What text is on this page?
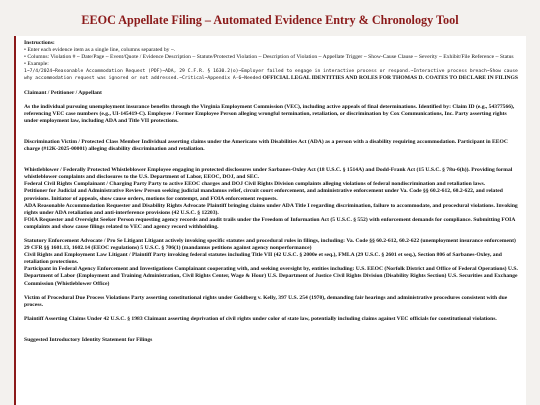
EEOC Appellate Filing – Automated Evidence Entry & Chronology Tool
Instructions:
• Enter each evidence item as a single line, columns separated by ~.
• Columns: Violation # ~ Date/Page ~ Event/Quote / Evidence Description ~ Statute/Protected Violation ~ Description of Violation ~ Appellate Trigger ~ Show-Cause Clause ~ Severity ~ Exhibit/File Reference ~ Status
• Example:
1~7/4/2024~Reasonable Accommodation Request (PDF)~ADA, 29 C.F.R. § 1630.2(o)~Employer failed to engage in interactive process or respond.~Interactive process breach~Show cause why accommodation request was ignored or not addressed.~Critical~Appendix A-6~Needed OFFICIAL LEGAL IDENTITIES AND ROLES FOR THOMAS D. COATES TO DECLARE IN FILINGS
Claimant / Petitioner / Appellant
As the individual pursuing unemployment insurance benefits through the Virginia Employment Commission (VEC), including active appeals of final determinations. Identified by: Claim ID (e.g., 54377566), referencing VEC case numbers (e.g., UI-145419-C). Employee / Former Employee Person alleging wrongful termination, retaliation, or discrimination by Cox Communications, Inc. Party asserting rights under employment law, including ADA and Title VII protections.
Discrimination Victim / Protected Class Member Individual asserting claims under the Americans with Disabilities Act (ADA) as a person with a disability requiring accommodation. Participant in EEOC charge (#12K-2025-00001) alleging disability discrimination and retaliation.
Whistleblower / Federally Protected Whistleblower Employee engaging in protected disclosures under Sarbanes-Oxley Act (18 U.S.C. § 1514A) and Dodd-Frank Act (15 U.S.C. § 78u-6(h)). Providing formal whistleblower complaints and disclosures to the U.S. Department of Labor, EEOC, DOJ, and SEC.
Federal Civil Rights Complainant / Charging Party Party to active EEOC charges and DOJ Civil Rights Division complaints alleging violations of federal nondiscrimination and retaliation laws.
Petitioner for Judicial and Administrative Review Person seeking judicial mandamus relief, circuit court enforcement, and administrative enforcement under Va. Code §§ 60.2-612, 60.2-622, and related provisions. Initiator of appeals, show cause orders, motions for contempt, and FOIA enforcement requests.
ADA Reasonable Accommodation Requester and Disability Rights Advocate Plaintiff bringing claims under ADA Title I regarding discrimination, failure to accommodate, and procedural violations. Invoking rights under ADA retaliation and anti-interference provisions (42 U.S.C. § 12203).
FOIA Requester and Oversight Seeker Person requesting agency records and audit trails under the Freedom of Information Act (5 U.S.C. § 552) with enforcement demands for compliance. Submitting FOIA complaints and show cause filings related to VEC and agency record withholding.
Statutory Enforcement Advocate / Pro Se Litigant Litigant actively invoking specific statutes and procedural rules in filings, including: Va. Code §§ 60.2-612, 60.2-622 (unemployment insurance enforcement) 29 CFR §§ 1601.13, 1602.14 (EEOC regulations) 5 U.S.C. § 706(1) (mandamus petitions against agency nonperformance)
Civil Rights and Employment Law Litigant / Plaintiff Party invoking federal statutes including Title VII (42 U.S.C. § 2000e et seq.), FMLA (29 U.S.C. § 2601 et seq.), Section 806 of Sarbanes-Oxley, and retaliation protections.
Participant in Federal Agency Enforcement and Investigations Complainant cooperating with, and seeking oversight by, entities including: U.S. EEOC (Norfolk District and Office of Federal Operations) U.S. Department of Labor (Employment and Training Administration, Civil Rights Center, Wage & Hour) U.S. Department of Justice Civil Rights Division (Disability Rights Section) U.S. Securities and Exchange Commission (Whistleblower Office)
Victim of Procedural Due Process Violations Party asserting constitutional rights under Goldberg v. Kelly, 397 U.S. 254 (1970), demanding fair hearings and administrative procedures consistent with due process.
Plaintiff Asserting Claims Under 42 U.S.C. § 1983 Claimant asserting deprivation of civil rights under color of state law, potentially including claims against VEC officials for constitutional violations.
Suggested Introductory Identity Statement for Filings
